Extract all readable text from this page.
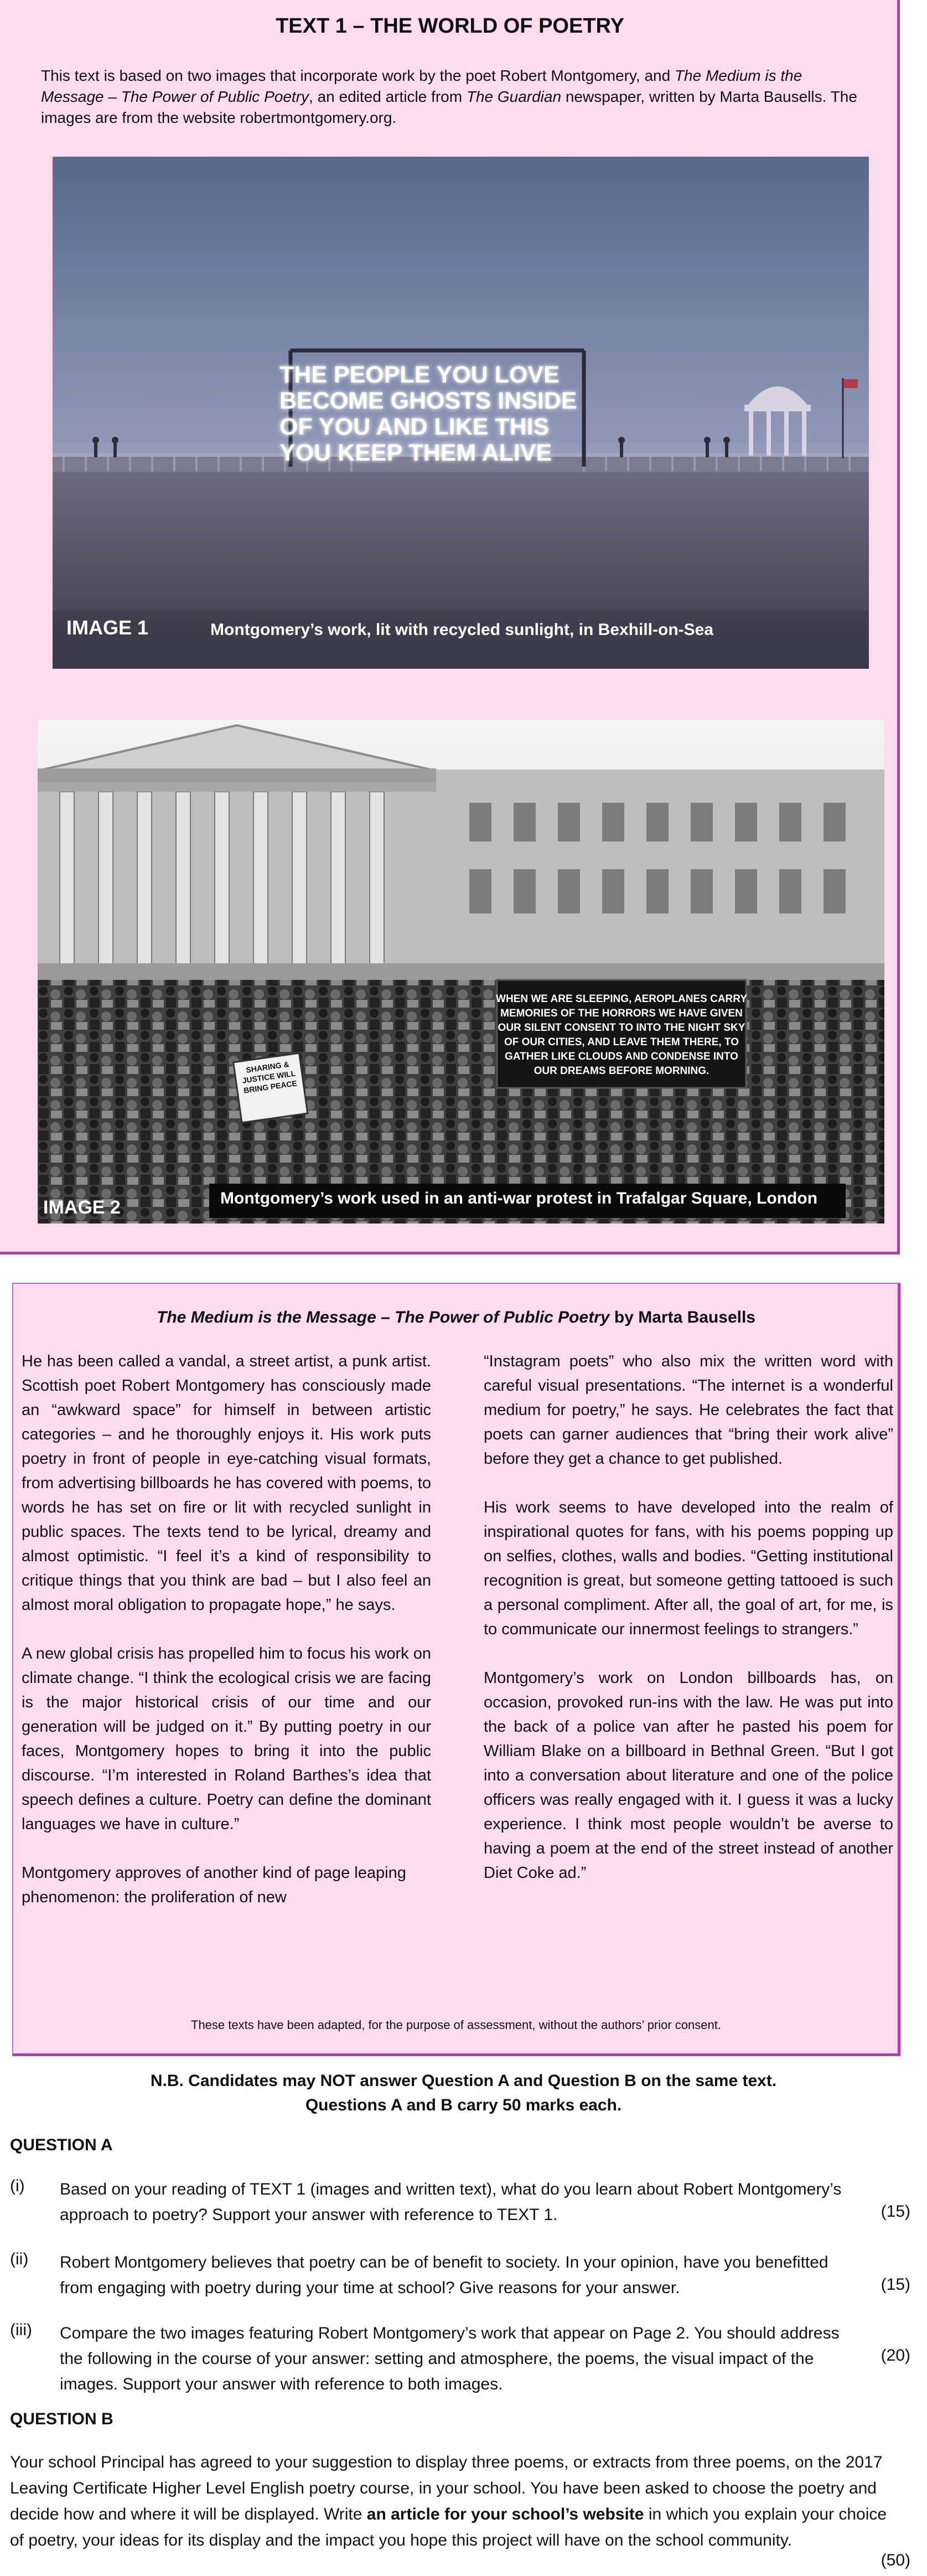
TEXT 1 – THE WORLD OF POETRY
This text is based on two images that incorporate work by the poet Robert Montgomery, and The Medium is the Message – The Power of Public Poetry, an edited article from The Guardian newspaper, written by Marta Bausells. The images are from the website robertmontgomery.org.
THE PEOPLE YOU LOVE
BECOME GHOSTS INSIDE
OF YOU AND LIKE THIS
YOU KEEP THEM ALIVE
IMAGE 1	Montgomery’s work, lit with recycled sunlight, in Bexhill-on-Sea
WHEN WE ARE SLEEPING, AEROPLANES CARRY
MEMORIES OF THE HORRORS WE HAVE GIVEN
OUR SILENT CONSENT TO INTO THE NIGHT SKY
OF OUR CITIES, AND LEAVE THEM THERE, TO
GATHER LIKE CLOUDS AND CONDENSE INTO
OUR DREAMS BEFORE MORNING.
SHARING & JUSTICE WILL BRING PEACE
IMAGE 2	Montgomery’s work used in an anti-war protest in Trafalgar Square, London
The Medium is the Message – The Power of Public Poetry by Marta Bausells

He has been called a vandal, a street artist, a punk artist. Scottish poet Robert Montgomery has consciously made an “awkward space” for himself in between artistic categories – and he thoroughly enjoys it. His work puts poetry in front of people in eye-catching visual formats, from advertising billboards he has covered with poems, to words he has set on fire or lit with recycled sunlight in public spaces. The texts tend to be lyrical, dreamy and almost optimistic. “I feel it’s a kind of responsibility to critique things that you think are bad – but I also feel an almost moral obligation to propagate hope,” he says.

A new global crisis has propelled him to focus his work on climate change. “I think the ecological crisis we are facing is the major historical crisis of our time and our generation will be judged on it.” By putting poetry in our faces, Montgomery hopes to bring it into the public discourse. “I’m interested in Roland Barthes’s idea that speech defines a culture. Poetry can define the dominant languages we have in culture.”

Montgomery approves of another kind of page leaping phenomenon: the proliferation of new

“Instagram poets” who also mix the written word with careful visual presentations. “The internet is a wonderful medium for poetry,” he says. He celebrates the fact that poets can garner audiences that “bring their work alive” before they get a chance to get published.

His work seems to have developed into the realm of inspirational quotes for fans, with his poems popping up on selfies, clothes, walls and bodies. “Getting institutional recognition is great, but someone getting tattooed is such a personal compliment. After all, the goal of art, for me, is to communicate our innermost feelings to strangers.”

Montgomery’s work on London billboards has, on occasion, provoked run-ins with the law. He was put into the back of a police van after he pasted his poem for William Blake on a billboard in Bethnal Green. “But I got into a conversation about literature and one of the police officers was really engaged with it. I guess it was a lucky experience. I think most people wouldn’t be averse to having a poem at the end of the street instead of another Diet Coke ad.”

These texts have been adapted, for the purpose of assessment, without the authors’ prior consent.
N.B. Candidates may NOT answer Question A and Question B on the same text.
Questions A and B carry 50 marks each.
QUESTION A
(i) Based on your reading of TEXT 1 (images and written text), what do you learn about Robert Montgomery’s approach to poetry? Support your answer with reference to TEXT 1.	(15)
(ii) Robert Montgomery believes that poetry can be of benefit to society. In your opinion, have you benefitted from engaging with poetry during your time at school? Give reasons for your answer.	(15)
(iii) Compare the two images featuring Robert Montgomery’s work that appear on Page 2. You should address the following in the course of your answer: setting and atmosphere, the poems, the visual impact of the images. Support your answer with reference to both images.
(20)
QUESTION B
Your school Principal has agreed to your suggestion to display three poems, or extracts from three poems, on the 2017 Leaving Certificate Higher Level English poetry course, in your school. You have been asked to choose the poetry and decide how and where it will be displayed. Write an article for your school’s website in which you explain your choice of poetry, your ideas for its display and the impact you hope this project will have on the school community.
(50)
